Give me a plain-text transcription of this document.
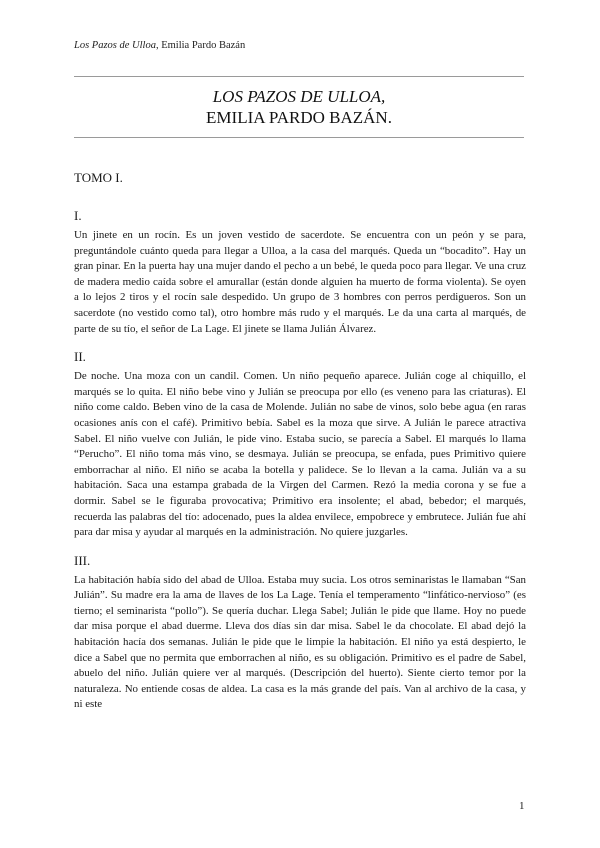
Los Pazos de Ulloa, Emilia Pardo Bazán
LOS PAZOS DE ULLOA,
EMILIA PARDO BAZÁN.
TOMO I.
I.

Un jinete en un rocín. Es un joven vestido de sacerdote. Se encuentra con un peón y se para, preguntándole cuánto queda para llegar a Ulloa, a la casa del marqués. Queda un “bocadito”. Hay un gran pinar. En la puerta hay una mujer dando el pecho a un bebé, le queda poco para llegar. Ve una cruz de madera medio caída sobre el amurallar (están donde alguien ha muerto de forma violenta). Se oyen a lo lejos 2 tiros y el rocín sale despedido. Un grupo de 3 hombres con perros perdigueros. Son un sacerdote (no vestido como tal), otro hombre más rudo y el marqués. Le da una carta al marqués, de parte de su tío, el señor de La Lage. El jinete se llama Julián Álvarez.

II.

De noche. Una moza con un candil. Comen. Un niño pequeño aparece. Julián coge al chiquillo, el marqués se lo quita. El niño bebe vino y Julián se preocupa por ello (es veneno para las criaturas). El niño come caldo. Beben vino de la casa de Molende. Julián no sabe de vinos, solo bebe agua (en raras ocasiones anís con el café). Primitivo bebía. Sabel es la moza que sirve. A Julián le parece atractiva Sabel. El niño vuelve con Julián, le pide vino. Estaba sucio, se parecía a Sabel. El marqués lo llama “Perucho”. El niño toma más vino, se desmaya. Julián se preocupa, se enfada, pues Primitivo quiere emborrachar al niño. El niño se acaba la botella y palidece. Se lo llevan a la cama. Julián va a su habitación. Saca una estampa grabada de la Virgen del Carmen. Rezó la media corona y se fue a dormir. Sabel se le figuraba provocativa; Primitivo era insolente; el abad, bebedor; el marqués, recuerda las palabras del tío: adocenado, pues la aldea envilece, empobrece y embrutece. Julián fue ahí para dar misa y ayudar al marqués en la administración. No quiere juzgarles.

III.

La habitación había sido del abad de Ulloa. Estaba muy sucia. Los otros seminaristas le llamaban “San Julián”. Su madre era la ama de llaves de los La Lage. Tenía el temperamento “linfático-nervioso” (es tierno; el seminarista “pollo”). Se quería duchar. Llega Sabel; Julián le pide que llame. Hoy no puede dar misa porque el abad duerme. Lleva dos días sin dar misa. Sabel le da chocolate. El abad dejó la habitación hacía dos semanas. Julián le pide que le limpie la habitación. El niño ya está despierto, le dice a Sabel que no permita que emborrachen al niño, es su obligación. Primitivo es el padre de Sabel, abuelo del niño. Julián quiere ver al marqués. (Descripción del huerto). Siente cierto temor por la naturaleza. No entiende cosas de aldea. La casa es la más grande del país. Van al archivo de la casa, y ni este

1
